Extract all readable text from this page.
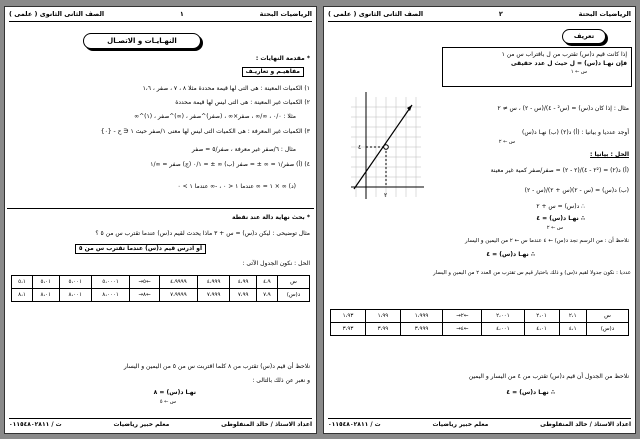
الرياضيات البحتة
١
الصف الثانى الثانوى ( علمى )
النهـايـات و الاتصـال
* مقدمة النهايات :
مفاهيـم و تعاريـف
١) الكميات المعينة : هى التى لها قيمة محددة مثلا ٨ ، ٧ ، صفر ، ١،٦
٢) الكميات غير المعينة : هى التى ليس لها قيمة محددة
مثلا : ٠/٠ ، ∞/∞ ، صفر×∞ ، (صفر)^صفر ، (∞)^صفر ، (١)^∞
٣) الكميات غير المعرفة : هى الكميات التى ليس لها معنى ١/صفر حيث ١ ∈ ح - {٠}
مثال : ٦/صفر غير معرفة ، صفر/٥ = صفر
٤) (أ) صفر/١ = ∞ ± = صفر (ب) ∞ ± = ٠/١ (ج) صفر = ∞/١
(د) ∞ × ١ = ∞ عندما ١ < ٠ ، -∞ عندما ١ > ٠
* بحث نهاية دالة عند نقطة
مثال توضيحى : ليكن د(س) = س + ٣ ماذا يحدث لقيم د(س) عندما تقترب س من ٥ ؟
أو ادرس قيم د(س) عندما تقترب س من ٥
الحل : نكون الجدول الآتى :
س	٤،٩	٤،٩٩	٤،٩٩٩	٤،٩٩٩٩	←٥→	٥،٠٠٠١	٥،٠٠١	٥،٠١	٥،١
د(س)	٧،٩	٧،٩٩	٧،٩٩٩	٧،٩٩٩٩	←٨→	٨،٠٠٠١	٨،٠٠١	٨،٠١	٨،١
نلاحظ أن قيم د(س) تقترب من ٨ كلما اقتربت س من ٥ من اليمين و اليسار
و نعبر عن ذلك بالتالى :
نهـا د(س) = ٨
س ← ٥
اعداد الاستاذ / خالد المنفلوطى
معلم خبير رياضيات
ت / ٠١١٥٤٨٠٢٨١١
الرياضيات البحتة
٢
الصف الثانى الثانوى ( علمى )
تعريف
إذا كانت قيم د(س) تقترب من ل باقتراب س من ١
فإن نهـا د(س) = ل حيث ل عدد حقيقى
س ← ١
٤
٢
مثال : إذا كان د(س) = (س² - ٤)/(س - ٢) ، س ≠ ٢
أوجد عدديا و بيانيا : (أ) د(٢) (ب) نهـا د(س)
س ← ٢
الحل : بيانيا :
(أ) د(٢) = (٢² - ٤)/(٢ - ٢) = صفر/صفر كمية غير معينة
(ب) د(س) = (س - ٢)(س + ٢)/(س - ٢)
∴ د(س) = س + ٢
∴ نهـا د(س) = ٤
س ← ٢
نلاحظ أن : من الرسم نجد د(س) ← ٤ عندما س ← ٢ من اليمين و اليسار
∴ نهـا د(س) = ٤
عدديا : نكون جدولا لقيم د(س) و ذلك باختيار قيم س تقترب من العدد ٢ من اليمين و اليسار
س	٢،١	٢،٠١	٢،٠٠١	←٢→	١،٩٩٩	١،٩٩	١،٩٣
د(س)	٤،١	٤،٠١	٤،٠٠١	←٤→	٣،٩٩٩	٣،٩٩	٣،٩٣
نلاحظ من الجدول أن قيم د(س) تقترب من ٤ من اليسار و اليمين
∴ نهـا د(س) = ٤
اعداد الاستاذ / خالد المنفلوطى
معلم خبير رياضيات
ت / ٠١١٥٤٨٠٢٨١١
